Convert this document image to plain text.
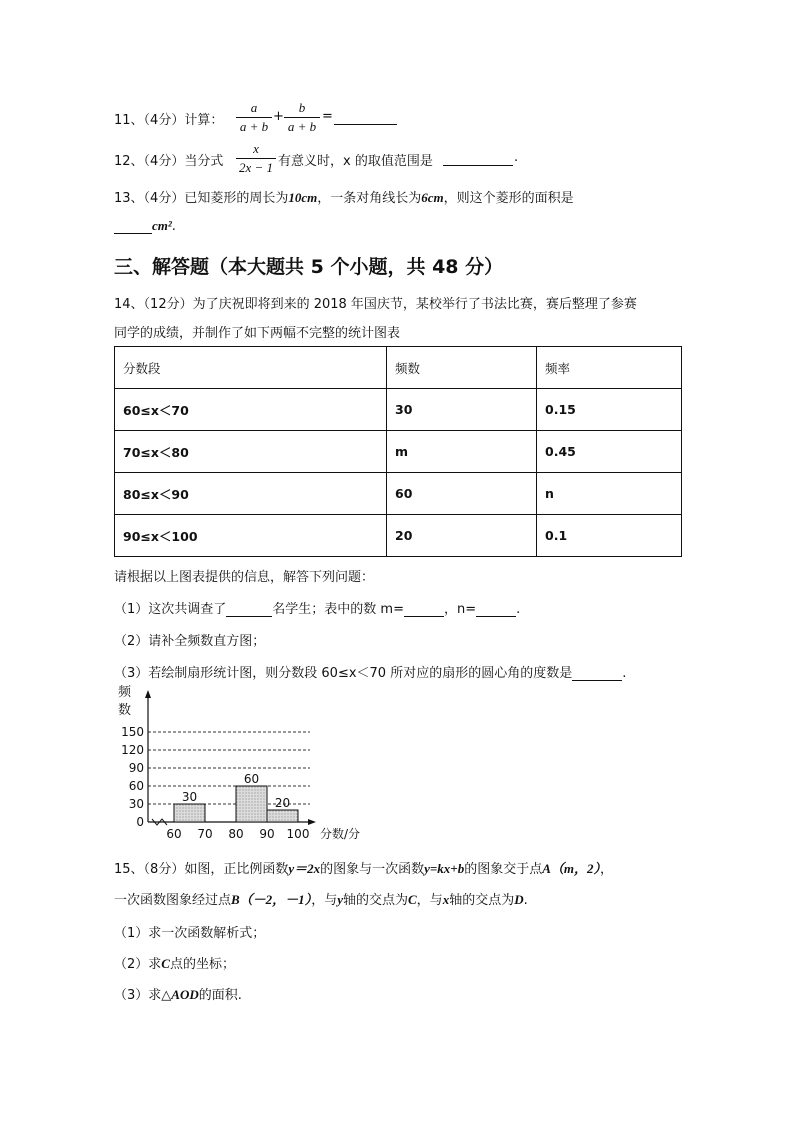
11、（4分）计算：
a
a + b
+
b
a + b
=
12、（4分）当分式
x
2x − 1 有意义时，x 的取值范围是	.
13、（4分）已知菱形的周长为10cm，一条对角线长为6cm，则这个菱形的面积是
cm².
三、解答题（本大题共 5 个小题，共 48 分）
14、（12分）为了庆祝即将到来的 2018 年国庆节，某校举行了书法比赛，赛后整理了参赛
同学的成绩，并制作了如下两幅不完整的统计图表
分数段	频数	频率
60≤x＜70	30	0.15
70≤x＜80	m	0.45
80≤x＜90	60	n
90≤x＜100	20	0.1
请根据以上图表提供的信息，解答下列问题：
（1）这次共调查了	名学生；表中的数 m=	，n=	.
（2）请补全频数直方图；
（3）若绘制扇形统计图，则分数段 60≤x＜70 所对应的扇形的圆心角的度数是	.
0
30
60
90
120
150
频
数
30
60
20
60 70 80 90 100 分数/分
15、（8分）如图，正比例函数y＝2x的图象与一次函数y=kx+b的图象交于点A（m，2），
一次函数图象经过点B（－2，－1），与y轴的交点为C，与x轴的交点为D.
（1）求一次函数解析式；
（2）求C点的坐标；
（3）求△AOD的面积.
